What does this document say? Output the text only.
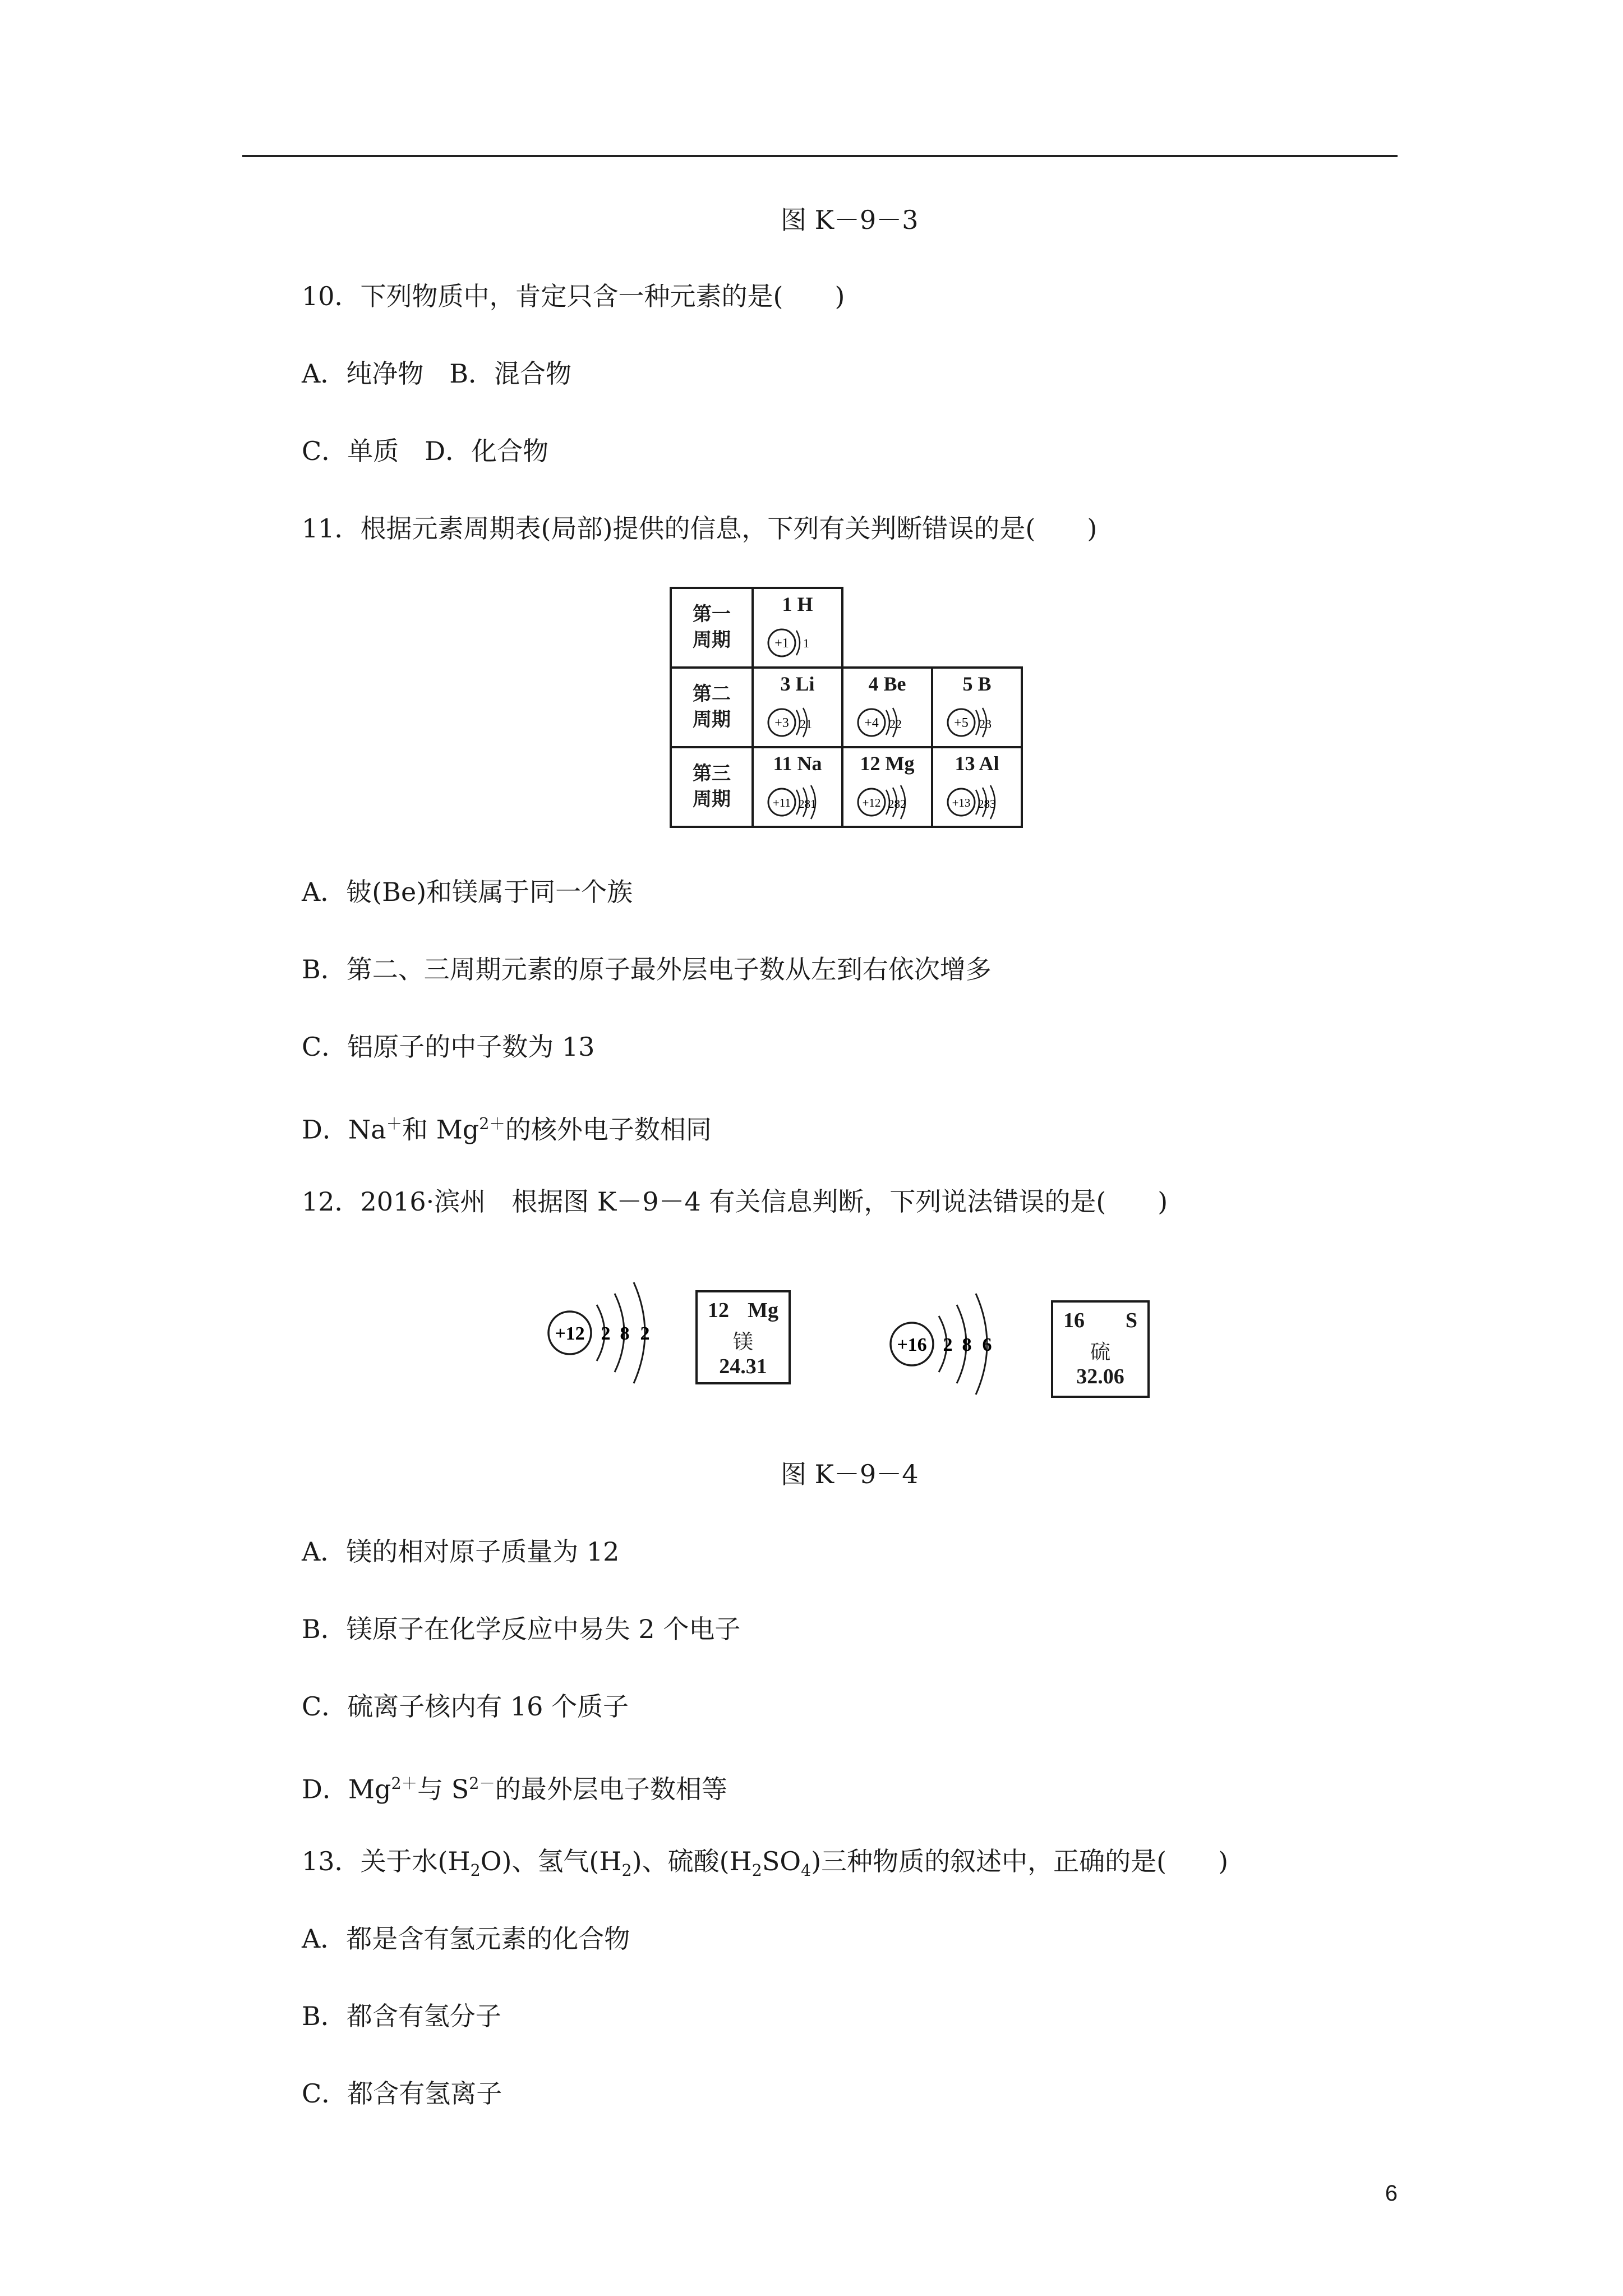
图 K－9－3
10．下列物质中，肯定只含一种元素的是(　　)
A．纯净物　B．混合物
C．单质　D．化合物
11．根据元素周期表(局部)提供的信息，下列有关判断错误的是(　　)
第一
周期
1 H
+1 1
第二
周期
3 Li
+3 21
4 Be
+4 22
5 B
+5 23
第三
周期
11 Na
+11 281
12 Mg
+12 282
13 Al
+13 283
A．铍(Be)和镁属于同一个族
B．第二、三周期元素的原子最外层电子数从左到右依次增多
C．铝原子的中子数为 13
D．Na＋和 $Mg^{2+}$的核外电子数相同
12．2016·滨州　根据图 K－9－4 有关信息判断，下列说法错误的是(　　)
+12 2 8 2
12 Mg
镁
24.31
+16 2 8 6
16 S
硫
32.06
图 K－9－4
A．镁的相对原子质量为 12
B．镁原子在化学反应中易失 2 个电子
C．硫离子核内有 16 个质子
D．$Mg^{2+}$与 $S^{2-}$的最外层电子数相等
13．关于水$(H_2O)$、氢气$(H_2)$、硫酸$(H_2SO_4)$三种物质的叙述中，正确的是(　　)
A．都是含有氢元素的化合物
B．都含有氢分子
C．都含有氢离子
6
